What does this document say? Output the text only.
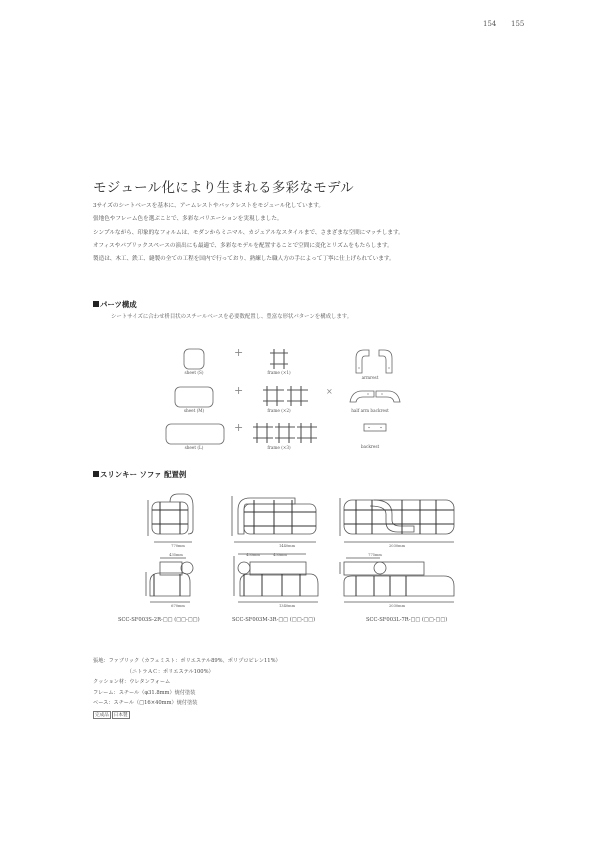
154 155
モジュール化により生まれる多彩なモデル
3サイズのシートベースを基本に、アームレストやバックレストをモジュール化しています。
張地色やフレーム色を選ぶことで、多彩なバリエーションを実現しました。
シンプルながら、印象的なフォルムは、モダンからミニマル、カジュアルなスタイルまで、さまざまな空間にマッチします。
オフィスやパブリックスペースの演出にも最適で、多彩なモデルを配置することで空間に変化とリズムをもたらします。
製造は、木工、鉄工、縫製の全ての工程を国内で行っており、熟練した職人方の手によって丁寧に仕上げられています。
パーツ構成
シートサイズに合わせ枡目状のスチールベースを必要数配置し、豊富な形状パターンを構成します。
sheet (S)
sheet (M)
sheet (L)
frame (×1)
frame (×2)
frame (×3)
armrest
half arm backrest
backrest
+
+
+
×
スリンキー ソファ 配置例
770mm	1440mm	2030mm
670mm	1340mm	2030mm
435mm	435mm	435mm	775mm
SCC-SF003S-2R-□□ (□□-□□)	SCC-SF003M-3R-□□ (□□-□□)	SCC-SF003L-7R-□□ (□□-□□)
張地：ファブリック（カフェミスト：ポリエステル89%、ポリプロピレン11%）
　　　　　　　（ニトラＡＣ：ポリエステル100%）
クッション材：ウレタンフォーム
フレーム：スチール（φ31.8mm）焼付塗装
ベース：スチール（□16×40mm）焼付塗装
完成品 日本製
